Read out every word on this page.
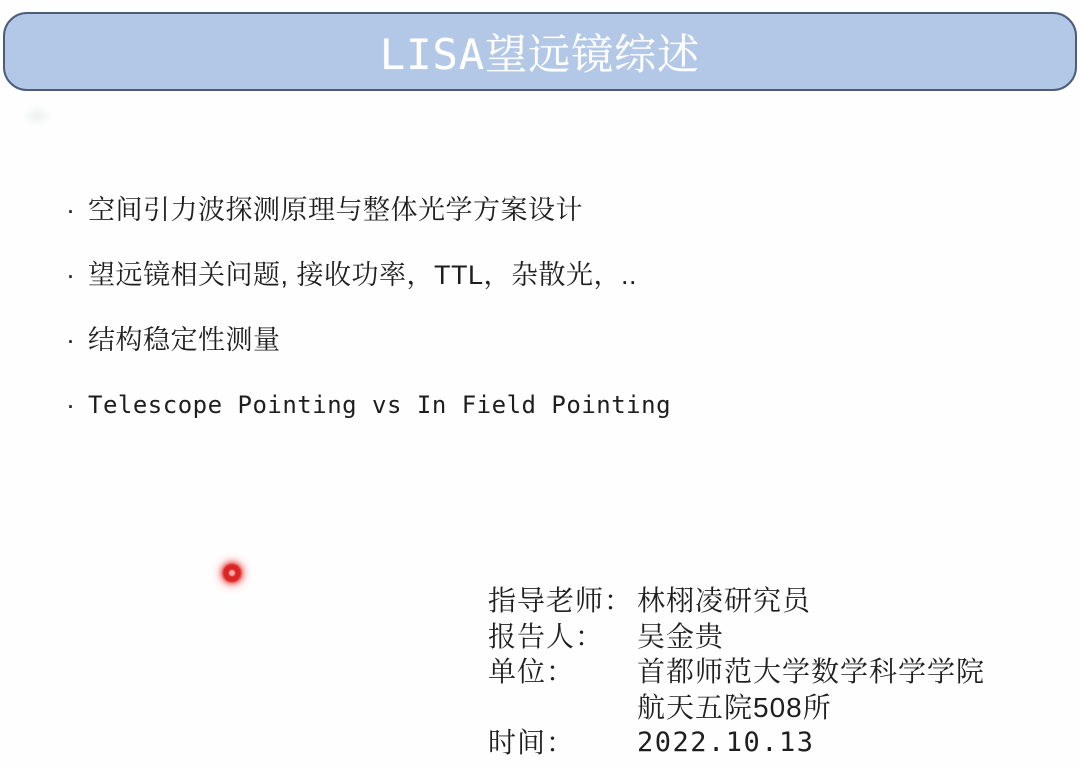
LISA望远镜综述
· 空间引力波探测原理与整体光学方案设计
· 望远镜相关问题, 接收功率，TTL，杂散光，..
· 结构稳定性测量
· Telescope Pointing vs In Field Pointing
指导老师： 林栩凌研究员
报告人：	吴金贵
单位：	首都师范大学数学科学学院
航天五院508所
时间：	2022.10.13
